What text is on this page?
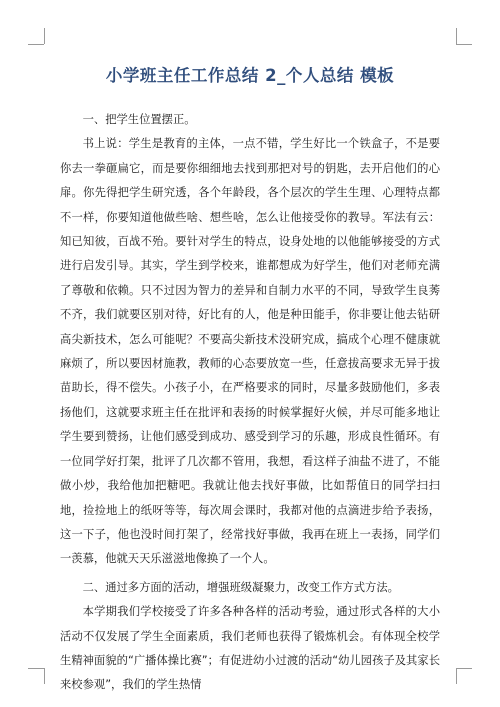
小学班主任工作总结 2_个人总结 模板

一、把学生位置摆正。

书上说：学生是教育的主体，一点不错，学生好比一个铁盒子，不是要你去一拳砸扁它，而是要你细细地去找到那把对号的钥匙，去开启他们的心扉。你先得把学生研究透，各个年龄段，各个层次的学生生理、心理特点都不一样，你要知道他做些啥、想些啥，怎么让他接受你的教导。军法有云：知已知彼，百战不殆。要针对学生的特点，设身处地的以他能够接受的方式进行启发引导。其实，学生到学校来，谁都想成为好学生，他们对老师充满了尊敬和依赖。只不过因为智力的差异和自制力水平的不同，导致学生良莠不齐，我们就要区别对待，好比有的人，他是种田能手，你非要让他去钻研高尖新技术，怎么可能呢？不要高尖新技术没研究成，搞成个心理不健康就麻烦了，所以要因材施教，教师的心态要放宽一些，任意拔高要求无异于拔苗助长，得不偿失。小孩子小，在严格要求的同时，尽量多鼓励他们，多表扬他们，这就要求班主任在批评和表扬的时候掌握好火候，并尽可能多地让学生要到赞扬，让他们感受到成功、感受到学习的乐趣，形成良性循环。有一位同学好打架，批评了几次都不管用，我想，看这样子油盐不进了，不能做小炒，我给他加把糖吧。我就让他去找好事做，比如帮值日的同学扫扫地，捡捡地上的纸呀等等，每次周会课时，我都对他的点滴进步给予表扬，这一下子，他也没时间打架了，经常找好事做，我再在班上一表扬，同学们一羡慕，他就天天乐滋滋地像换了一个人。

二、通过多方面的活动，增强班级凝聚力，改变工作方式方法。

本学期我们学校接受了许多各种各样的活动考验，通过形式各样的大小活动不仅发展了学生全面素质，我们老师也获得了锻炼机会。有体现全校学生精神面貌的“广播体操比赛”；有促进幼小过渡的活动“幼儿园孩子及其家长来校参观”，我们的学生热情
